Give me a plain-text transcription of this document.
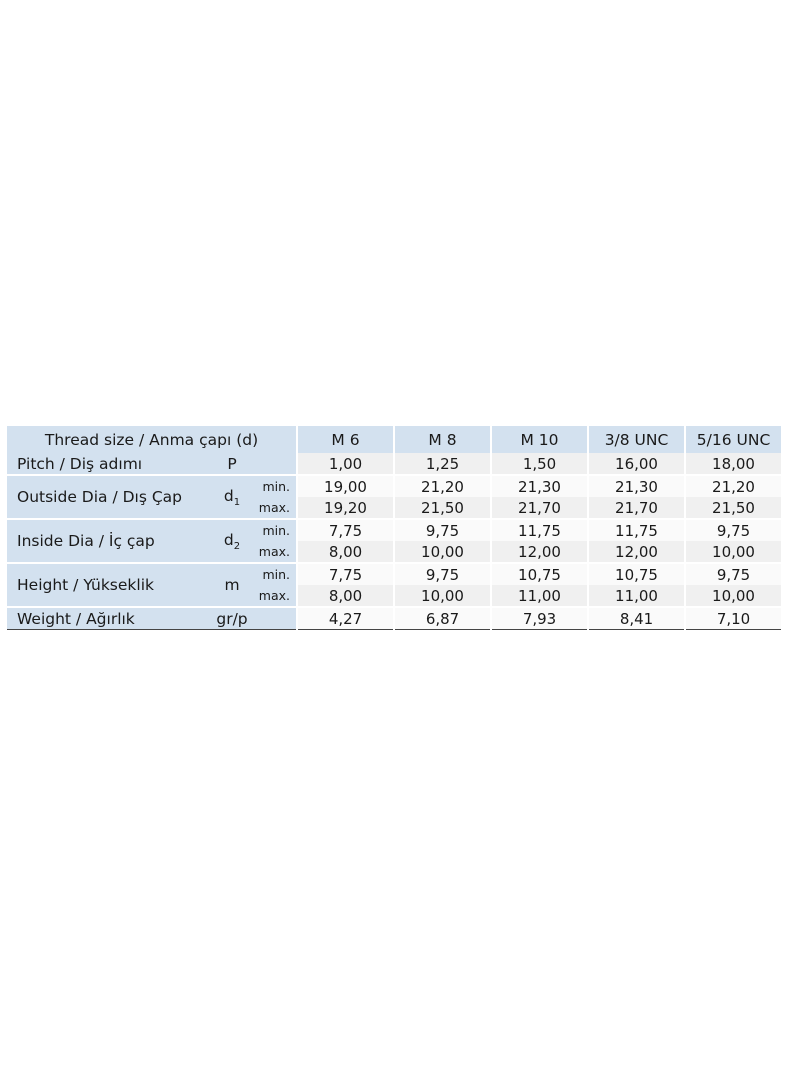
Thread size / Anma çapı (d)			M 6	M 8	M 10	3/8 UNC	5/16 UNC
Pitch / Diş adımı	P		1,00	1,25	1,50	16,00	18,00
Outside Dia / Dış Çap	$d_1$	min.	19,00	21,20	21,30	21,30	21,20
		max.	19,20	21,50	21,70	21,70	21,50
Inside Dia / İç çap	$d_2$	min.	7,75	9,75	11,75	11,75	9,75
		max.	8,00	10,00	12,00	12,00	10,00
Height / Yükseklik	m	min.	7,75	9,75	10,75	10,75	9,75
		max.	8,00	10,00	11,00	11,00	10,00
Weight / Ağırlık	gr/p		4,27	6,87	7,93	8,41	7,10
